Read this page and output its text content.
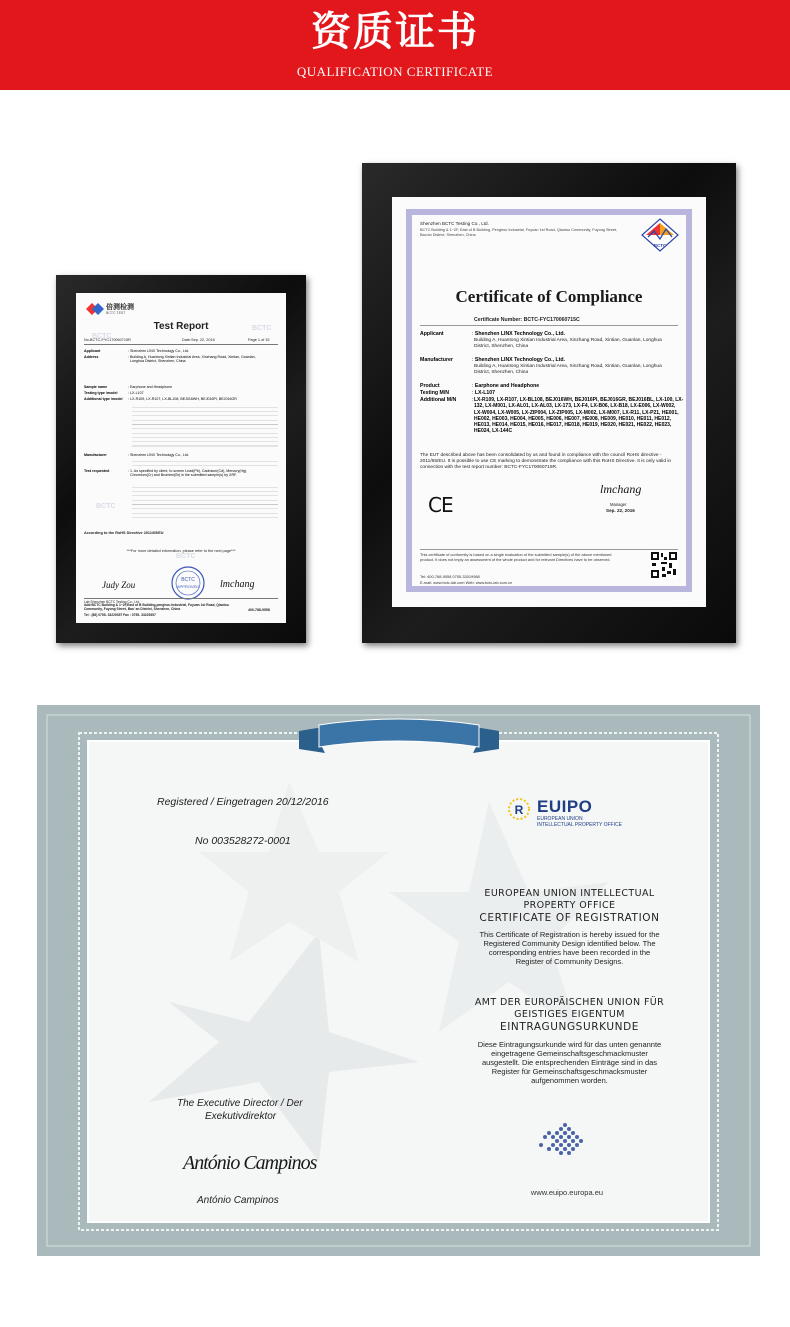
资质证书
QUALIFICATION CERTIFICATE
BCTC
BCTC
BCTC
BCTC
倍测检测
BCTC TEST
Test Report
No.BCTC-FYC170060715R	Date:Sep. 22, 2016	Page 1 of 15
Applicant	: Shenzhen LINX Technology Co., Ltd.
Address	: Building A, Huantong Xintian Industrial Area, Xinzhang Road, Xintian, Guanlan, Longhua District, Shenzhen, China
Sample name	: Earphone and Headphone
Testing type /model	: LX-L107
Additional type /model : LX-R109, LX-R107, LX-BL108, BEJ016WH, BEJ016PI, BEJ016GR
Manufacturer	: Shenzhen LINX Technology Co., Ltd.
Test requested	: 1. As specified by client, to screen Lead(Pb), Cadmium(Cd), Mercury(Hg), Chromium(Cr) and Bromine(Br) in the submitted sample(s) by XRF.
According to the RoHS Directive 2011/65/EU
***For more detailed information, please refer to the next page***
Judy Zou	BCTC
APPROVED lmchang
Lab Shenzhen BCTC Testing Co., Ltd.
Add:BCTC Building & 1~2F,East of B Building,penghou Industrial, Fuyuan 1st Road, Qiaotou Community, Fuyong Street, Bao' an District, Shenzhen, China
Tel : (86) 0755- 33229357 Fax : 0755- 33229357
400-788-9558
Shenzhen BCTC Testing Co., Ltd.
BCTC Building & 1~2F, East of B Building, Penghou Industrial, Fuyuan 1st Road, Qiaotou Community, Fuyong Street, Bao'an District, Shenzhen, China
BCTC
Certificate of Compliance
Certificate Number: BCTC-FYC170060715C
Applicant	: Shenzhen LINX Technology Co., Ltd.
Building A, Huantong Xintian Industrial Area, Xinzhang Road, Xintian, Guanlan, Longhua District, Shenzhen, China
Manufacturer	: Shenzhen LINX Technology Co., Ltd.
Building A, Huantong Xintian Industrial Area, Xinzhang Road, Xintian, Guanlan, Longhua District, Shenzhen, China
Product	: Earphone and Headphone
Testing M/N	: LX-L107
Additional M/N	: LX-R109, LX-R107, LX-BL108, BEJ016WH, BEJ016PI, BEJ016GR, BEJ016BL, LX-100, LX-132, LX-M001, LX-AL01, LX-AL03, LX-173, LX-F4, LX-B06, LX-B18, LX-E006, LX-W002, LX-W004, LX-W005, LX-ZIP004, LX-ZIP005, LX-M002, LX-M007, LX-R11, LX-P21, HE001, HE002, HE003, HE004, HE005, HE006, HE007, HE008, HE009, HE010, HE011, HE012, HE013, HE014, HE015, HE016, HE017, HE018, HE019, HE020, HE021, HE022, HE023, HE024, LX-144C
The EUT described above has been consolidated by us and found in compliance with the council RoHS directive - 2011/65/EU. It is possible to use CE marking to demonstrate the compliance with this RoHS Directive. It is only valid in connection with the test report number: BCTC-FYC170060715R.
CE
lmchang
Manager
Sep. 22, 2016
This certificate of conformity is based on a single evaluation of the submitted sample(s) of the above mentioned product. It does not imply an assessment of the whole product and for relevant Directives have to be observed.
Tel: 400-788-9558 0755-33019988
E-mail: www.bctc-lab.com Web: www.bctc-lab.com.cn
Registered / Eingetragen 20/12/2016
No 003528272-0001
R EUIPO
EUROPEAN UNION
INTELLECTUAL PROPERTY OFFICE
EUROPEAN UNION INTELLECTUAL
PROPERTY OFFICE
CERTIFICATE OF REGISTRATION
This Certificate of Registration is hereby issued for the
Registered Community Design identified below. The
corresponding entries have been recorded in the
Register of Community Designs.
AMT DER EUROPÄISCHEN UNION FÜR
GEISTIGES EIGENTUM
EINTRAGUNGSURKUNDE
Diese Eintragungsurkunde wird für das unten genannte
eingetragene Gemeinschaftsgeschmackmuster
ausgestellt. Die entsprechenden Einträge sind in das
Register für Gemeinschaftsgeschmacksmuster
aufgenommen worden.
www.euipo.europa.eu
The Executive Director / Der
Exekutivdirektor
António Campinos
António Campinos
